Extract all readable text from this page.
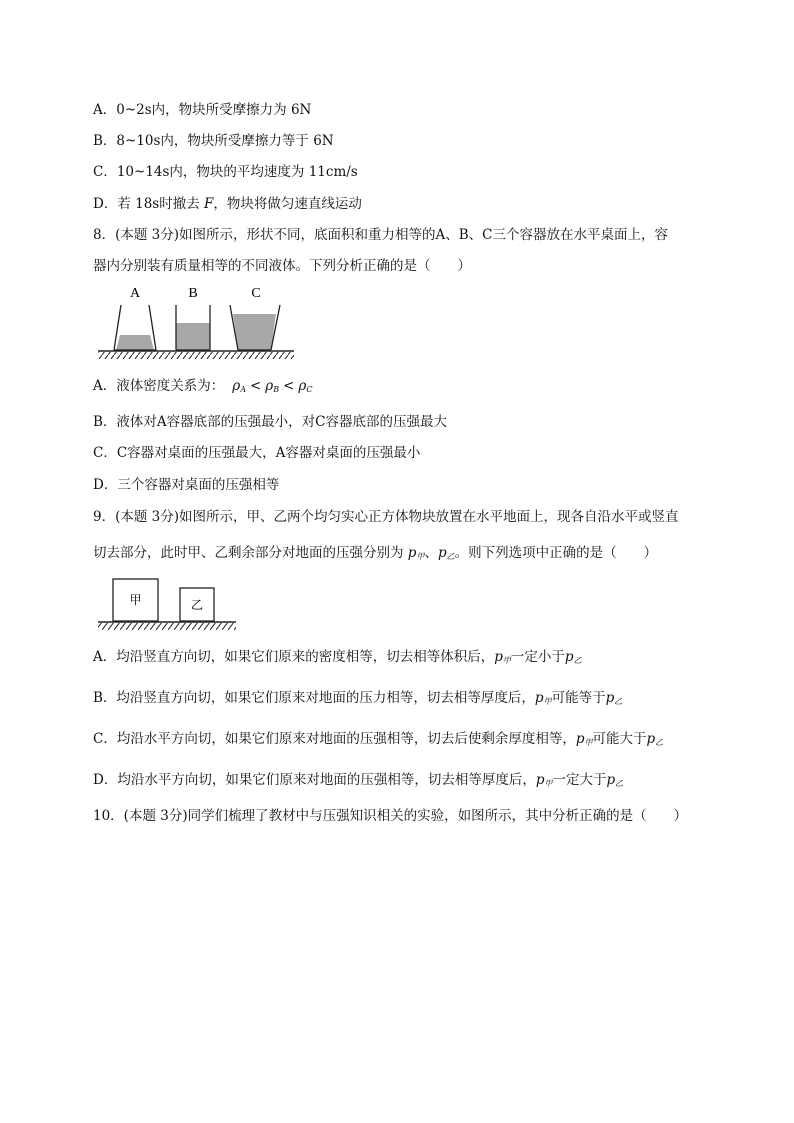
A．0~2s内，物块所受摩擦力为 6N
B．8~10s内，物块所受摩擦力等于 6N
C．10~14s内，物块的平均速度为 11cm/s
D．若 18s时撤去 F，物块将做匀速直线运动
8．(本题 3分)如图所示，形状不同，底面积和重力相等的A、B、C三个容器放在水平桌面上，容
器内分别装有质量相等的不同液体。下列分析正确的是（　　）
A	B	C
A．液体密度关系为： $\rho_A < \rho_B < \rho_C$
B．液体对A容器底部的压强最小，对C容器底部的压强最大
C．C容器对桌面的压强最大，A容器对桌面的压强最小
D．三个容器对桌面的压强相等
9．(本题 3分)如图所示，甲、乙两个均匀实心正方体物块放置在水平地面上，现各自沿水平或竖直
切去部分，此时甲、乙剩余部分对地面的压强分别为 $p_甲$、$p_乙$。则下列选项中正确的是（　　）
甲	乙
A．均沿竖直方向切，如果它们原来的密度相等，切去相等体积后，$p_甲$一定小于$p_乙$
B．均沿竖直方向切，如果它们原来对地面的压力相等，切去相等厚度后，$p_甲$可能等于$p_乙$
C．均沿水平方向切，如果它们原来对地面的压强相等，切去后使剩余厚度相等，$p_甲$可能大于$p_乙$
D．均沿水平方向切，如果它们原来对地面的压强相等，切去相等厚度后，$p_甲$一定大于$p_乙$
10．(本题 3分)同学们梳理了教材中与压强知识相关的实验，如图所示，其中分析正确的是（　　）
